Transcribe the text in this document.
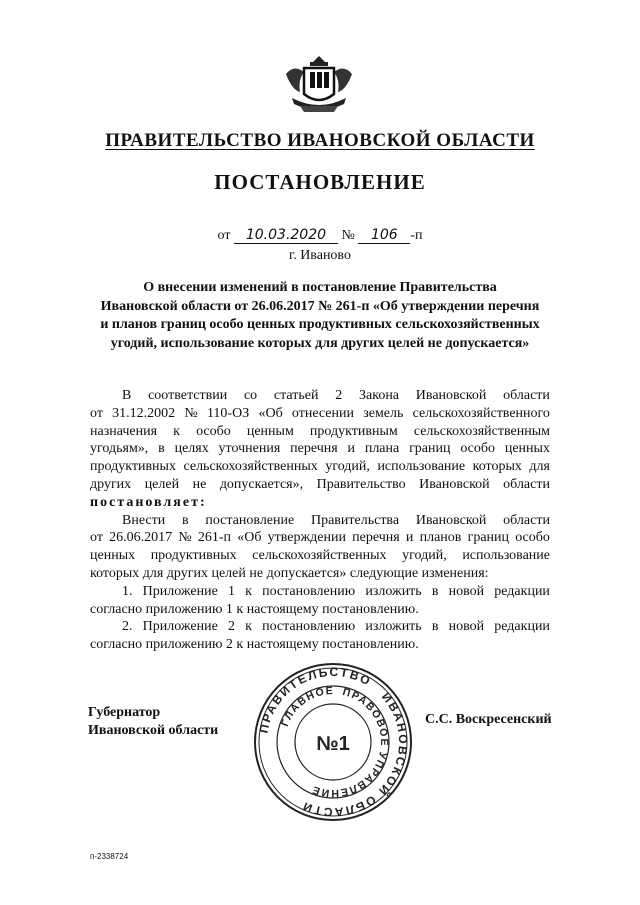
ПРАВИТЕЛЬСТВО ИВАНОВСКОЙ ОБЛАСТИ
ПОСТАНОВЛЕНИЕ
от 10.03.2020 № 106 -п
г. Иваново
О внесении изменений в постановление Правительства
Ивановской области от 26.06.2017 № 261-п «Об утверждении перечня
и планов границ особо ценных продуктивных сельскохозяйственных
угодий, использование которых для других целей не допускается»
В соответствии со статьей 2 Закона Ивановской области
от 31.12.2002 № 110-ОЗ «Об отнесении земель сельскохозяйственного
назначения к особо ценным продуктивным сельскохозяйственным
угодьям», в целях уточнения перечня и плана границ особо ценных
продуктивных сельскохозяйственных угодий, использование которых для
других целей не допускается», Правительство Ивановской области
постановляет:
Внести в постановление Правительства Ивановской области
от 26.06.2017 № 261-п «Об утверждении перечня и планов границ особо
ценных продуктивных сельскохозяйственных угодий, использование
которых для других целей не допускается» следующие изменения:
1. Приложение 1 к постановлению изложить в новой редакции
согласно приложению 1 к настоящему постановлению.
2. Приложение 2 к постановлению изложить в новой редакции
согласно приложению 2 к настоящему постановлению.
Губернатор
Ивановской области
С.С. Воскресенский
ПРАВИТЕЛЬСТВО
ИВАНОВСКОЙ ОБЛАСТИ
ГЛАВНОЕ ПРАВОВОЕ УПРАВЛЕНИЕ
№1
п-2338724
